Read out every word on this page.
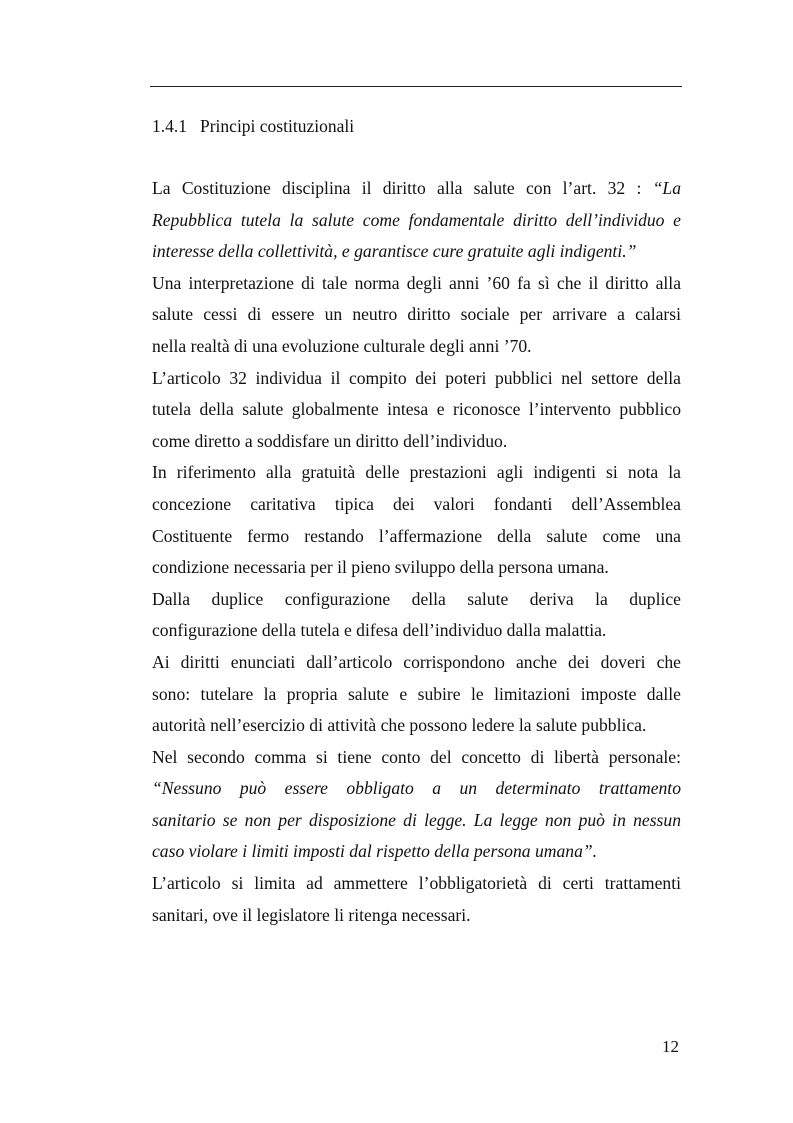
1.4.1 Principi costituzionali

La Costituzione disciplina il diritto alla salute con l’art. 32 : “La
Repubblica tutela la salute come fondamentale diritto dell’individuo e
interesse della collettività, e garantisce cure gratuite agli indigenti.”

Una interpretazione di tale norma degli anni ’60 fa sì che il diritto alla
salute cessi di essere un neutro diritto sociale per arrivare a calarsi
nella realtà di una evoluzione culturale degli anni ’70.

L’articolo 32 individua il compito dei poteri pubblici nel settore della
tutela della salute globalmente intesa e riconosce l’intervento pubblico
come diretto a soddisfare un diritto dell’individuo.

In riferimento alla gratuità delle prestazioni agli indigenti si nota la
concezione caritativa tipica dei valori fondanti dell’Assemblea
Costituente fermo restando l’affermazione della salute come una
condizione necessaria per il pieno sviluppo della persona umana.

Dalla duplice configurazione della salute deriva la duplice
configurazione della tutela e difesa dell’individuo dalla malattia.

Ai diritti enunciati dall’articolo corrispondono anche dei doveri che
sono: tutelare la propria salute e subire le limitazioni imposte dalle
autorità nell’esercizio di attività che possono ledere la salute pubblica.

Nel secondo comma si tiene conto del concetto di libertà personale:
“Nessuno può essere obbligato a un determinato trattamento
sanitario se non per disposizione di legge. La legge non può in nessun
caso violare i limiti imposti dal rispetto della persona umana”.

L’articolo si limita ad ammettere l’obbligatorietà di certi trattamenti
sanitari, ove il legislatore li ritenga necessari.

12
